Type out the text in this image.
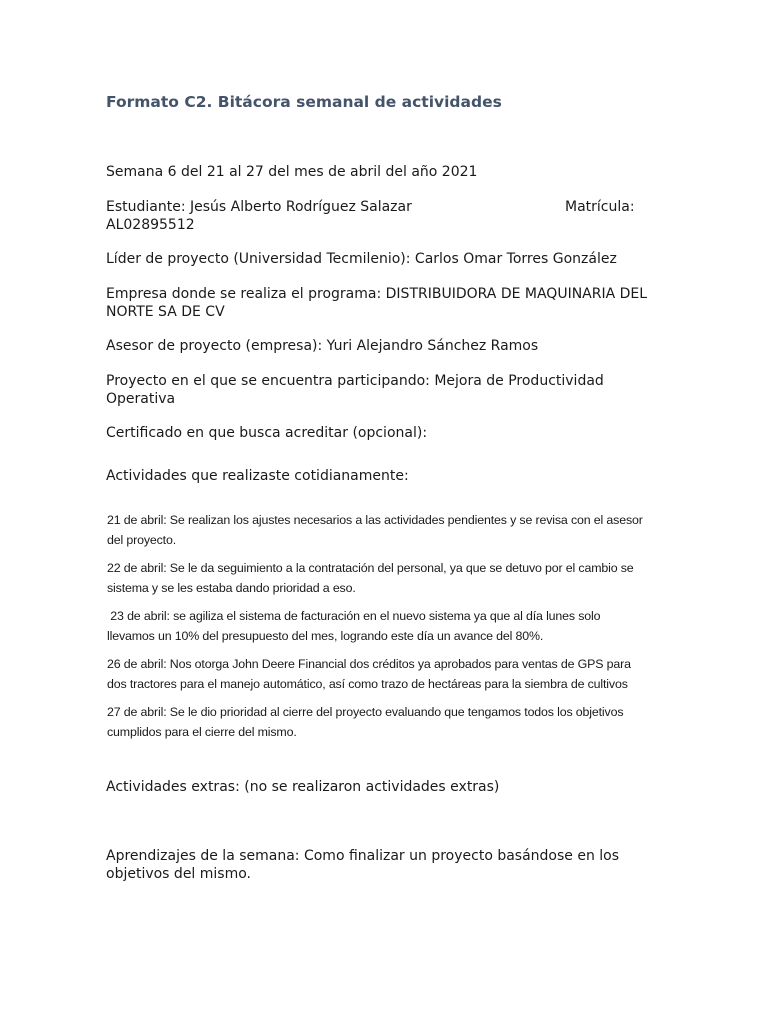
Formato C2. Bitácora semanal de actividades
Semana 6 del 21 al 27 del mes de abril del año 2021
Estudiante: Jesús Alberto Rodríguez Salazar	Matrícula:
AL02895512
Líder de proyecto (Universidad Tecmilenio): Carlos Omar Torres González
Empresa donde se realiza el programa: DISTRIBUIDORA DE MAQUINARIA DEL
NORTE SA DE CV
Asesor de proyecto (empresa): Yuri Alejandro Sánchez Ramos
Proyecto en el que se encuentra participando: Mejora de Productividad
Operativa
Certificado en que busca acreditar (opcional):
Actividades que realizaste cotidianamente:
21 de abril: Se realizan los ajustes necesarios a las actividades pendientes y se revisa con el asesor
del proyecto.
22 de abril: Se le da seguimiento a la contratación del personal, ya que se detuvo por el cambio se
sistema y se les estaba dando prioridad a eso.
23 de abril: se agiliza el sistema de facturación en el nuevo sistema ya que al día lunes solo
llevamos un 10% del presupuesto del mes, logrando este día un avance del 80%.
26 de abril: Nos otorga John Deere Financial dos créditos ya aprobados para ventas de GPS para
dos tractores para el manejo automático, así como trazo de hectáreas para la siembra de cultivos
27 de abril: Se le dio prioridad al cierre del proyecto evaluando que tengamos todos los objetivos
cumplidos para el cierre del mismo.
Actividades extras: (no se realizaron actividades extras)
Aprendizajes de la semana: Como finalizar un proyecto basándose en los
objetivos del mismo.
